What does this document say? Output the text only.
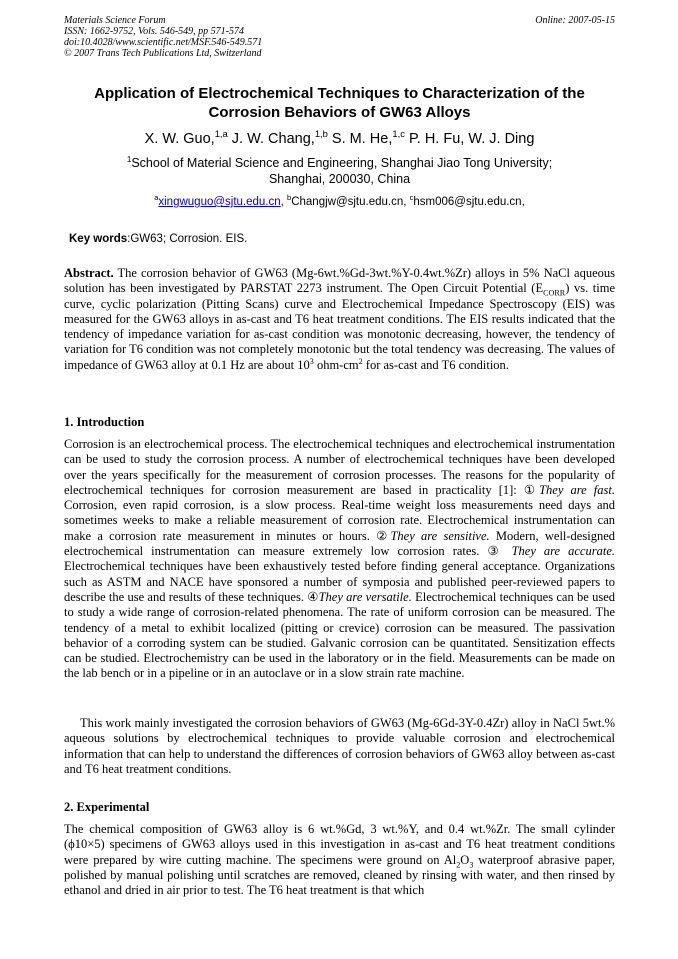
Materials Science Forum
ISSN: 1662-9752, Vols. 546-549, pp 571-574
doi:10.4028/www.scientific.net/MSF.546-549.571
© 2007 Trans Tech Publications Ltd, Switzerland
Online: 2007-05-15
Application of Electrochemical Techniques to Characterization of the Corrosion Behaviors of GW63 Alloys
X. W. Guo,$^{1,a}$ J. W. Chang,$^{1,b}$ S. M. He,$^{1,c}$ P. H. Fu, W. J. Ding
$^1$School of Material Science and Engineering, Shanghai Jiao Tong University;
Shanghai, 200030, China
$^a$xingwuguo@sjtu.edu.cn, $^b$Changjw@sjtu.edu.cn, $^c$hsm006@sjtu.edu.cn,
Key words:GW63; Corrosion. EIS.

Abstract. The corrosion behavior of GW63 (Mg-6wt.%Gd-3wt.%Y-0.4wt.%Zr) alloys in 5% NaCl aqueous solution has been investigated by PARSTAT 2273 instrument. The Open Circuit Potential $(E_{CORR})$ vs. time curve, cyclic polarization (Pitting Scans) curve and Electrochemical Impedance Spectroscopy (EIS) was measured for the GW63 alloys in as-cast and T6 heat treatment conditions. The EIS results indicated that the tendency of impedance variation for as-cast condition was monotonic decreasing, however, the tendency of variation for T6 condition was not completely monotonic but the total tendency was decreasing. The values of impedance of GW63 alloy at 0.1 Hz are about $10^3$ ohm-$cm^2$ for as-cast and T6 condition.

1. Introduction

Corrosion is an electrochemical process. The electrochemical techniques and electrochemical instrumentation can be used to study the corrosion process. A number of electrochemical techniques have been developed over the years specifically for the measurement of corrosion processes. The reasons for the popularity of electrochemical techniques for corrosion measurement are based in practicality [1]: ①They are fast. Corrosion, even rapid corrosion, is a slow process. Real-time weight loss measurements need days and sometimes weeks to make a reliable measurement of corrosion rate. Electrochemical instrumentation can make a corrosion rate measurement in minutes or hours. ②They are sensitive. Modern, well-designed electrochemical instrumentation can measure extremely low corrosion rates. ③ They are accurate. Electrochemical techniques have been exhaustively tested before finding general acceptance. Organizations such as ASTM and NACE have sponsored a number of symposia and published peer-reviewed papers to describe the use and results of these techniques. ④They are versatile. Electrochemical techniques can be used to study a wide range of corrosion-related phenomena. The rate of uniform corrosion can be measured. The tendency of a metal to exhibit localized (pitting or crevice) corrosion can be measured. The passivation behavior of a corroding system can be studied. Galvanic corrosion can be quantitated. Sensitization effects can be studied. Electrochemistry can be used in the laboratory or in the field. Measurements can be made on the lab bench or in a pipeline or in an autoclave or in a slow strain rate machine.

This work mainly investigated the corrosion behaviors of GW63 (Mg-6Gd-3Y-0.4Zr) alloy in NaCl 5wt.% aqueous solutions by electrochemical techniques to provide valuable corrosion and electrochemical information that can help to understand the differences of corrosion behaviors of GW63 alloy between as-cast and T6 heat treatment conditions.

2. Experimental

The chemical composition of GW63 alloy is 6 wt.%Gd, 3 wt.%Y, and 0.4 wt.%Zr. The small cylinder (ϕ10×5) specimens of GW63 alloys used in this investigation in as-cast and T6 heat treatment conditions were prepared by wire cutting machine. The specimens were ground on $Al_2O_3$ waterproof abrasive paper, polished by manual polishing until scratches are removed, cleaned by rinsing with water, and then rinsed by ethanol and dried in air prior to test. The T6 heat treatment is that which
